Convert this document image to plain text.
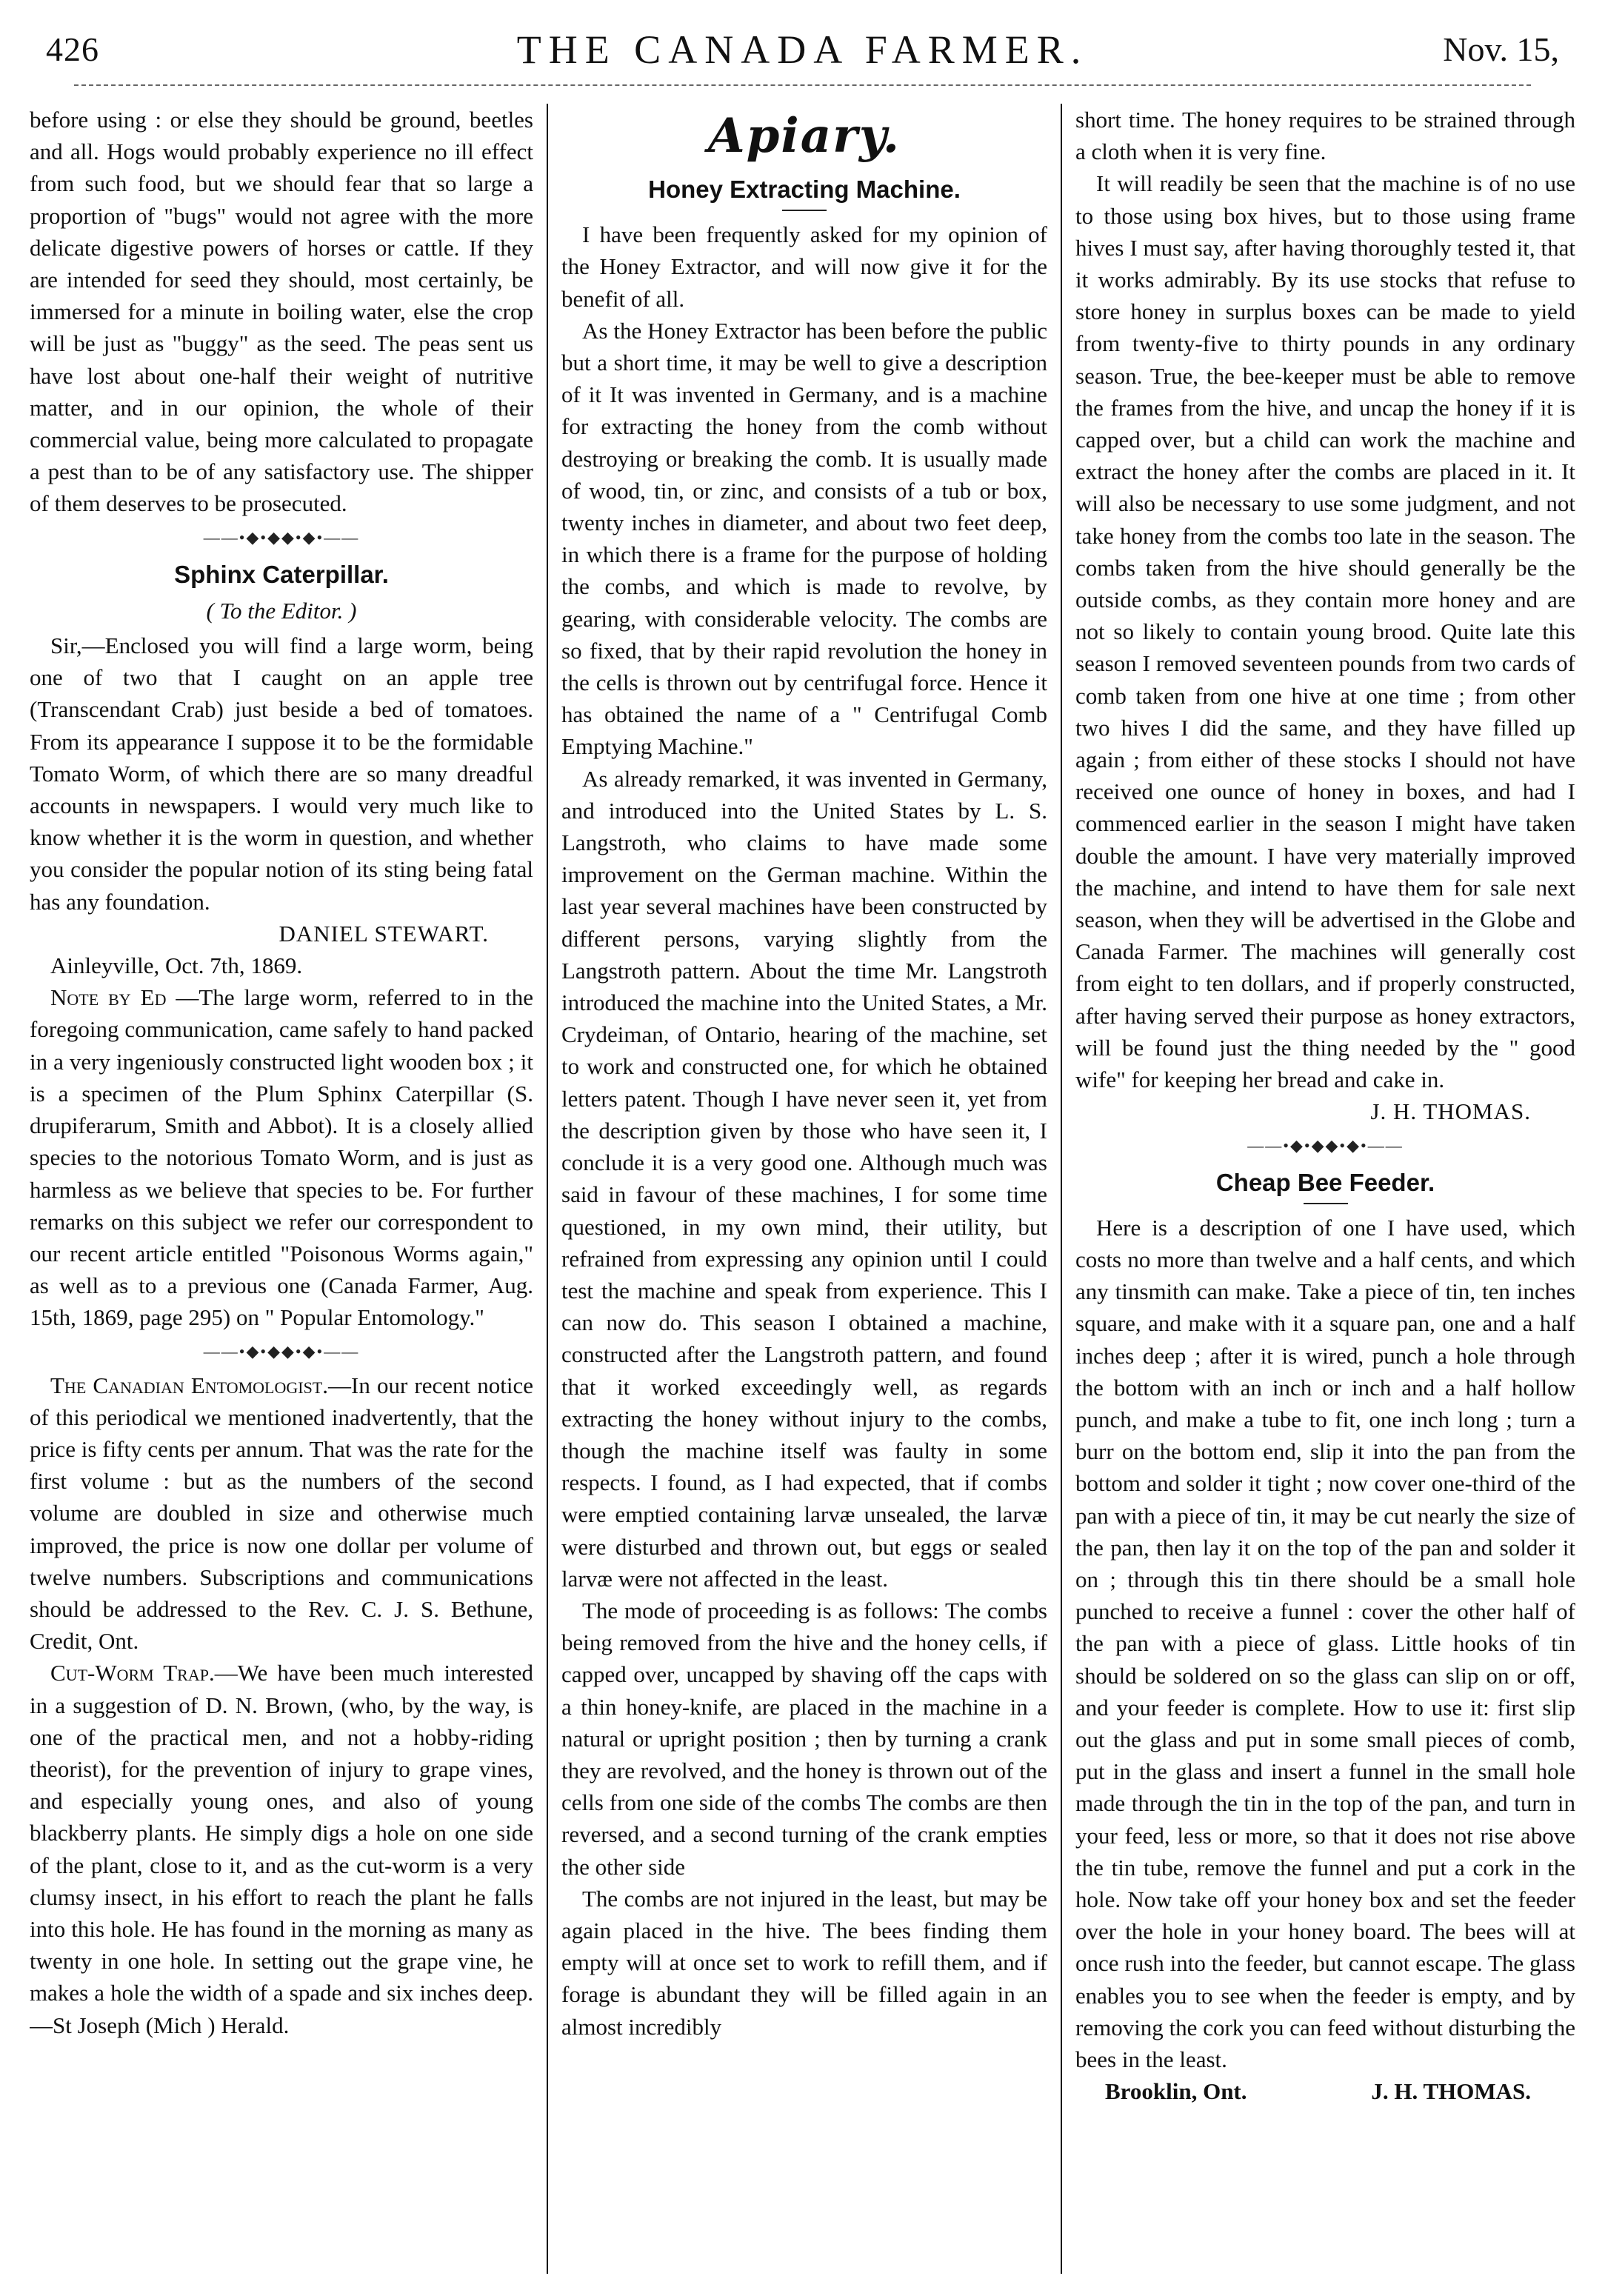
426	THE CANADA FARMER.	Nov. 15,

before using : or else they should be ground, beetles and all. Hogs would probably experience no ill effect from such food, but we should fear that so large a proportion of "bugs" would not agree with the more delicate digestive powers of horses or cattle. If they are intended for seed they should, most certainly, be immersed for a minute in boiling water, else the crop will be just as "buggy" as the seed. The peas sent us have lost about one-half their weight of nutritive matter, and in our opinion, the whole of their commercial value, being more calculated to propagate a pest than to be of any satisfactory use. The shipper of them deserves to be prosecuted.

——•◆•◆◆•◆•——
Sphinx Caterpillar.
( To the Editor. )

Sir,—Enclosed you will find a large worm, being one of two that I caught on an apple tree (Transcendant Crab) just beside a bed of tomatoes. From its appearance I suppose it to be the formidable Tomato Worm, of which there are so many dreadful accounts in newspapers. I would very much like to know whether it is the worm in question, and whether you consider the popular notion of its sting being fatal has any foundation.

DANIEL STEWART.

Ainleyville, Oct. 7th, 1869.

Note by Ed —The large worm, referred to in the foregoing communication, came safely to hand packed in a very ingeniously constructed light wooden box ; it is a specimen of the Plum Sphinx Caterpillar (S. drupiferarum, Smith and Abbot). It is a closely allied species to the notorious Tomato Worm, and is just as harmless as we believe that species to be. For further remarks on this subject we refer our correspondent to our recent article entitled "Poisonous Worms again," as well as to a previous one (Canada Farmer, Aug. 15th, 1869, page 295) on " Popular Entomology."

——•◆•◆◆•◆•——

The Canadian Entomologist.—In our recent notice of this periodical we mentioned inadvertently, that the price is fifty cents per annum. That was the rate for the first volume : but as the numbers of the second volume are doubled in size and otherwise much improved, the price is now one dollar per volume of twelve numbers. Subscriptions and communications should be addressed to the Rev. C. J. S. Bethune, Credit, Ont.

Cut-Worm Trap.—We have been much interested in a suggestion of D. N. Brown, (who, by the way, is one of the practical men, and not a hobby-riding theorist), for the prevention of injury to grape vines, and especially young ones, and also of young blackberry plants. He simply digs a hole on one side of the plant, close to it, and as the cut-worm is a very clumsy insect, in his effort to reach the plant he falls into this hole. He has found in the morning as many as twenty in one hole. In setting out the grape vine, he makes a hole the width of a spade and six inches deep.—St Joseph (Mich ) Herald.

Apiary.
Honey Extracting Machine.

I have been frequently asked for my opinion of the Honey Extractor, and will now give it for the benefit of all.

As the Honey Extractor has been before the public but a short time, it may be well to give a description of it It was invented in Germany, and is a machine for extracting the honey from the comb without destroying or breaking the comb. It is usually made of wood, tin, or zinc, and consists of a tub or box, twenty inches in diameter, and about two feet deep, in which there is a frame for the purpose of holding the combs, and which is made to revolve, by gearing, with considerable velocity. The combs are so fixed, that by their rapid revolution the honey in the cells is thrown out by centrifugal force. Hence it has obtained the name of a " Centrifugal Comb Emptying Machine."

As already remarked, it was invented in Germany, and introduced into the United States by L. S. Langstroth, who claims to have made some improvement on the German machine. Within the last year several machines have been constructed by different persons, varying slightly from the Langstroth pattern. About the time Mr. Langstroth introduced the machine into the United States, a Mr. Crydeiman, of Ontario, hearing of the machine, set to work and constructed one, for which he obtained letters patent. Though I have never seen it, yet from the description given by those who have seen it, I conclude it is a very good one. Although much was said in favour of these machines, I for some time questioned, in my own mind, their utility, but refrained from expressing any opinion until I could test the machine and speak from experience. This I can now do. This season I obtained a machine, constructed after the Langstroth pattern, and found that it worked exceedingly well, as regards extracting the honey without injury to the combs, though the machine itself was faulty in some respects. I found, as I had expected, that if combs were emptied containing larvæ unsealed, the larvæ were disturbed and thrown out, but eggs or sealed larvæ were not affected in the least.

The mode of proceeding is as follows: The combs being removed from the hive and the honey cells, if capped over, uncapped by shaving off the caps with a thin honey-knife, are placed in the machine in a natural or upright position ; then by turning a crank they are revolved, and the honey is thrown out of the cells from one side of the combs The combs are then reversed, and a second turning of the crank empties the other side

The combs are not injured in the least, but may be again placed in the hive. The bees finding them empty will at once set to work to refill them, and if forage is abundant they will be filled again in an almost incredibly

short time. The honey requires to be strained through a cloth when it is very fine.

It will readily be seen that the machine is of no use to those using box hives, but to those using frame hives I must say, after having thoroughly tested it, that it works admirably. By its use stocks that refuse to store honey in surplus boxes can be made to yield from twenty-five to thirty pounds in any ordinary season. True, the bee-keeper must be able to remove the frames from the hive, and uncap the honey if it is capped over, but a child can work the machine and extract the honey after the combs are placed in it. It will also be necessary to use some judgment, and not take honey from the combs too late in the season. The combs taken from the hive should generally be the outside combs, as they contain more honey and are not so likely to contain young brood. Quite late this season I removed seventeen pounds from two cards of comb taken from one hive at one time ; from other two hives I did the same, and they have filled up again ; from either of these stocks I should not have received one ounce of honey in boxes, and had I commenced earlier in the season I might have taken double the amount. I have very materially improved the machine, and intend to have them for sale next season, when they will be advertised in the Globe and Canada Farmer. The machines will generally cost from eight to ten dollars, and if properly constructed, after having served their purpose as honey extractors, will be found just the thing needed by the " good wife" for keeping her bread and cake in.

J. H. THOMAS.

——•◆•◆◆•◆•——
Cheap Bee Feeder.

Here is a description of one I have used, which costs no more than twelve and a half cents, and which any tinsmith can make. Take a piece of tin, ten inches square, and make with it a square pan, one and a half inches deep ; after it is wired, punch a hole through the bottom with an inch or inch and a half hollow punch, and make a tube to fit, one inch long ; turn a burr on the bottom end, slip it into the pan from the bottom and solder it tight ; now cover one-third of the pan with a piece of tin, it may be cut nearly the size of the pan, then lay it on the top of the pan and solder it on ; through this tin there should be a small hole punched to receive a funnel : cover the other half of the pan with a piece of glass. Little hooks of tin should be soldered on so the glass can slip on or off, and your feeder is complete. How to use it: first slip out the glass and put in some small pieces of comb, put in the glass and insert a funnel in the small hole made through the tin in the top of the pan, and turn in your feed, less or more, so that it does not rise above the tin tube, remove the funnel and put a cork in the hole. Now take off your honey box and set the feeder over the hole in your honey board. The bees will at once rush into the feeder, but cannot escape. The glass enables you to see when the feeder is empty, and by removing the cork you can feed without disturbing the bees in the least.

Brooklin, Ont.	J. H. THOMAS.
